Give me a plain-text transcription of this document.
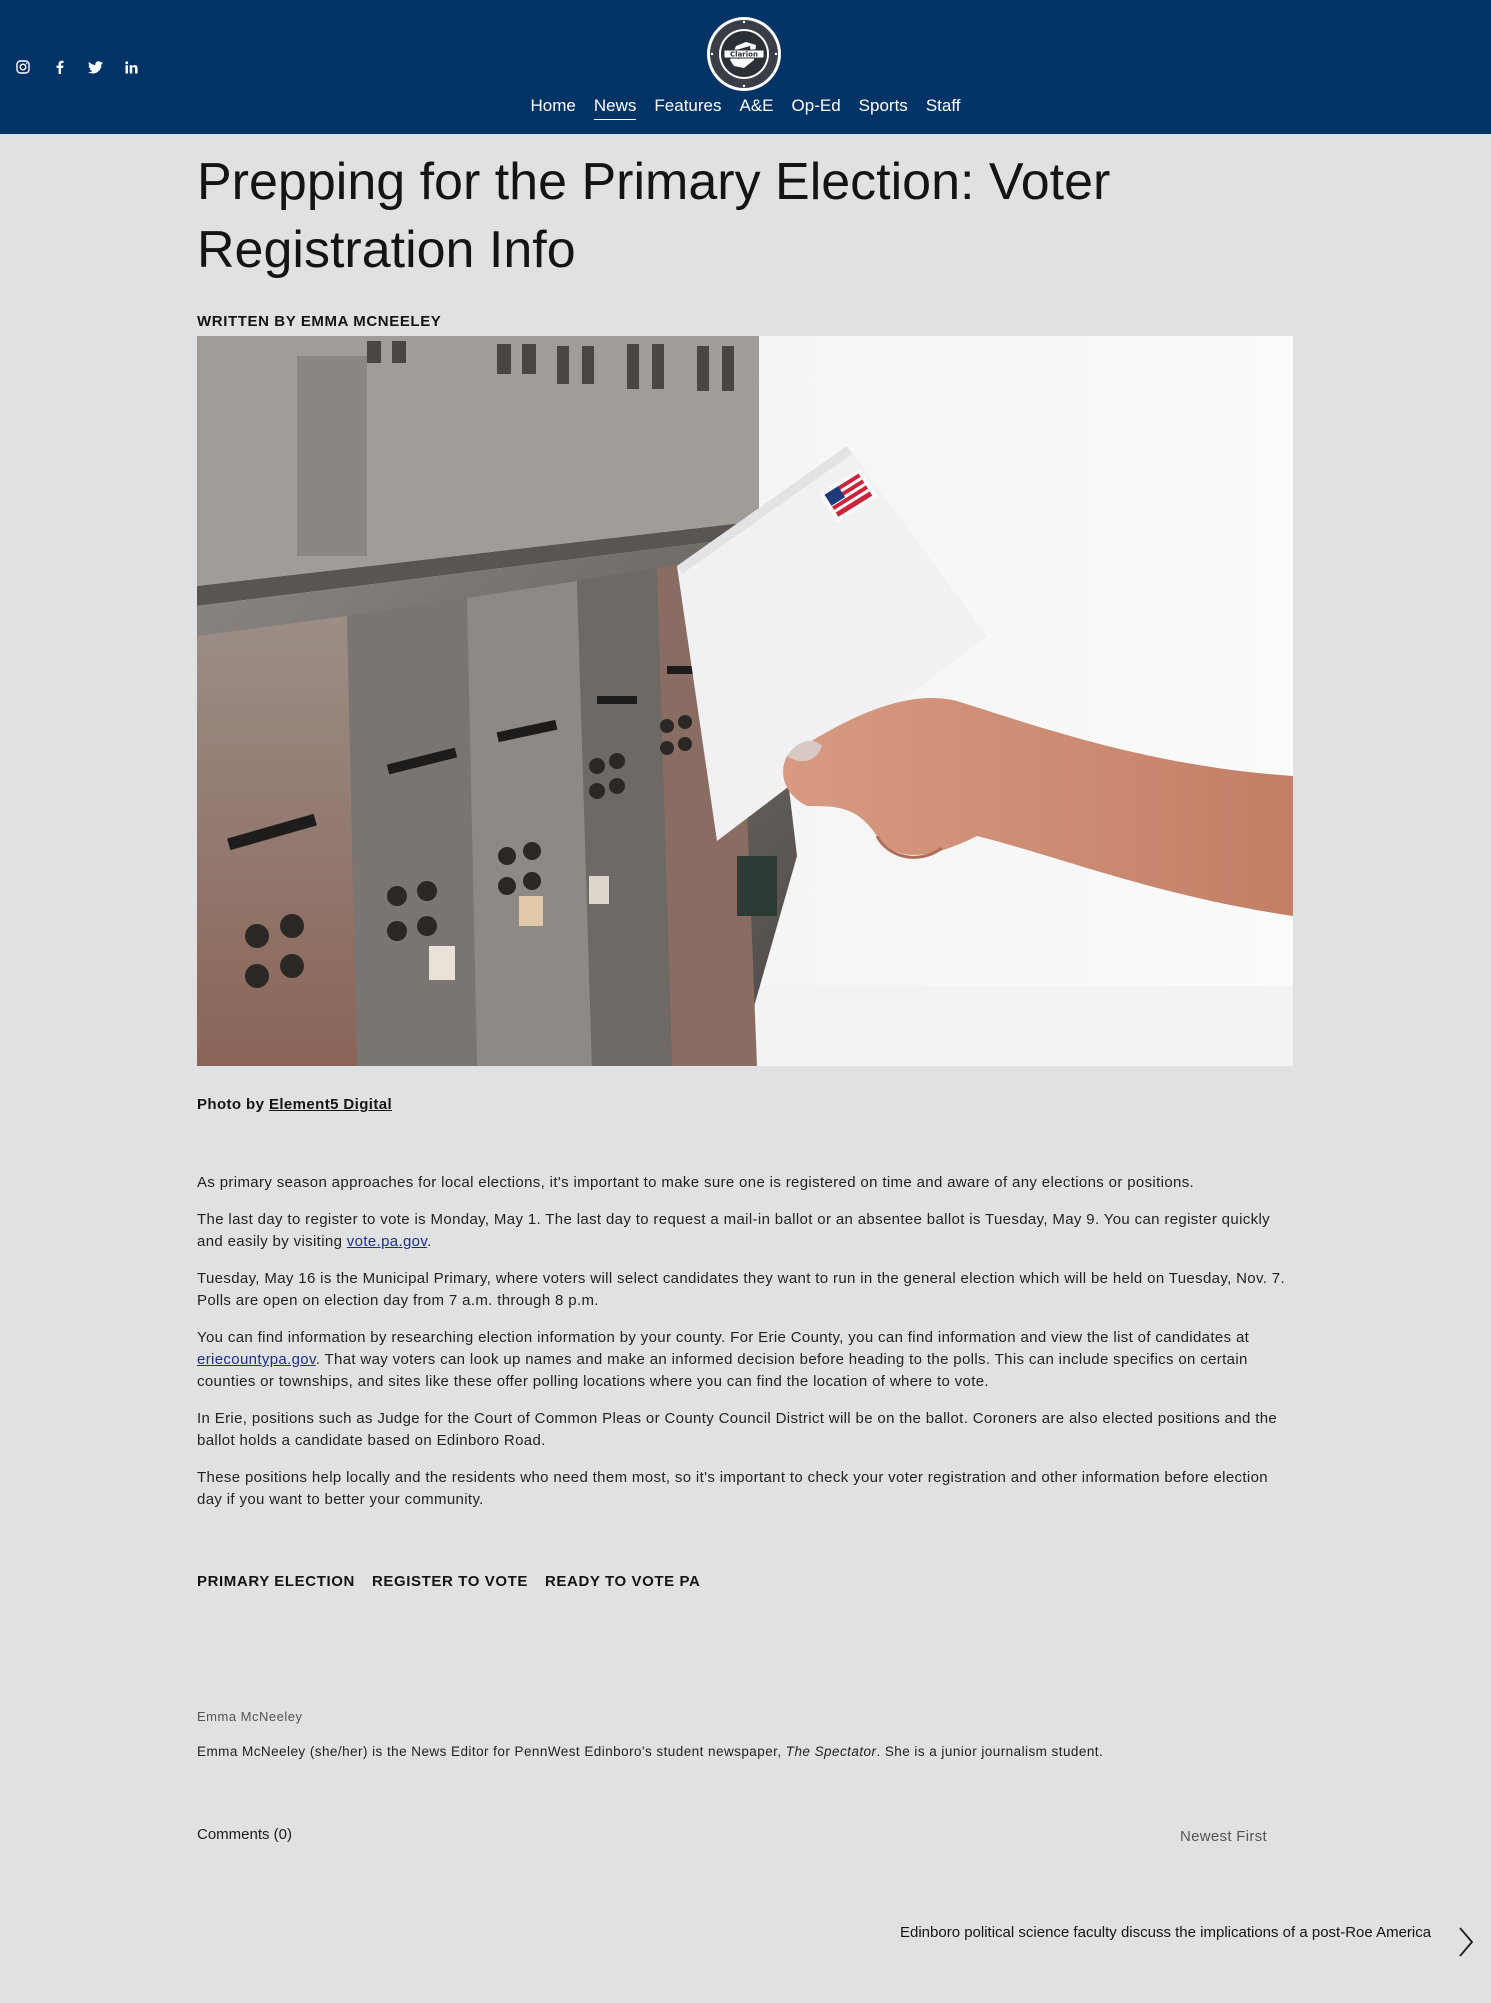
Clarion
Home News Features A&E Op-Ed Sports Staff
Prepping for the Primary Election: Voter Registration Info
WRITTEN BY EMMA MCNEELEY
Photo by Element5 Digital

As primary season approaches for local elections, it's important to make sure one is registered on time and aware of any elections or positions.

The last day to register to vote is Monday, May 1. The last day to request a mail-in ballot or an absentee ballot is Tuesday, May 9. You can register quickly and easily by visiting vote.pa.gov.

Tuesday, May 16 is the Municipal Primary, where voters will select candidates they want to run in the general election which will be held on Tuesday, Nov. 7. Polls are open on election day from 7 a.m. through 8 p.m.

You can find information by researching election information by your county. For Erie County, you can find information and view the list of candidates at eriecountypa.gov. That way voters can look up names and make an informed decision before heading to the polls. This can include specifics on certain counties or townships, and sites like these offer polling locations where you can find the location of where to vote.

In Erie, positions such as Judge for the Court of Common Pleas or County Council District will be on the ballot. Coroners are also elected positions and the ballot holds a candidate based on Edinboro Road.

These positions help locally and the residents who need them most, so it's important to check your voter registration and other information before election day if you want to better your community.

PRIMARY ELECTION REGISTER TO VOTE READY TO VOTE PA
Emma McNeeley
Emma McNeeley (she/her) is the News Editor for PennWest Edinboro's student newspaper, The Spectator. She is a junior journalism student.
Comments (0)	Newest First
Edinboro political science faculty discuss the implications of a post-Roe America
